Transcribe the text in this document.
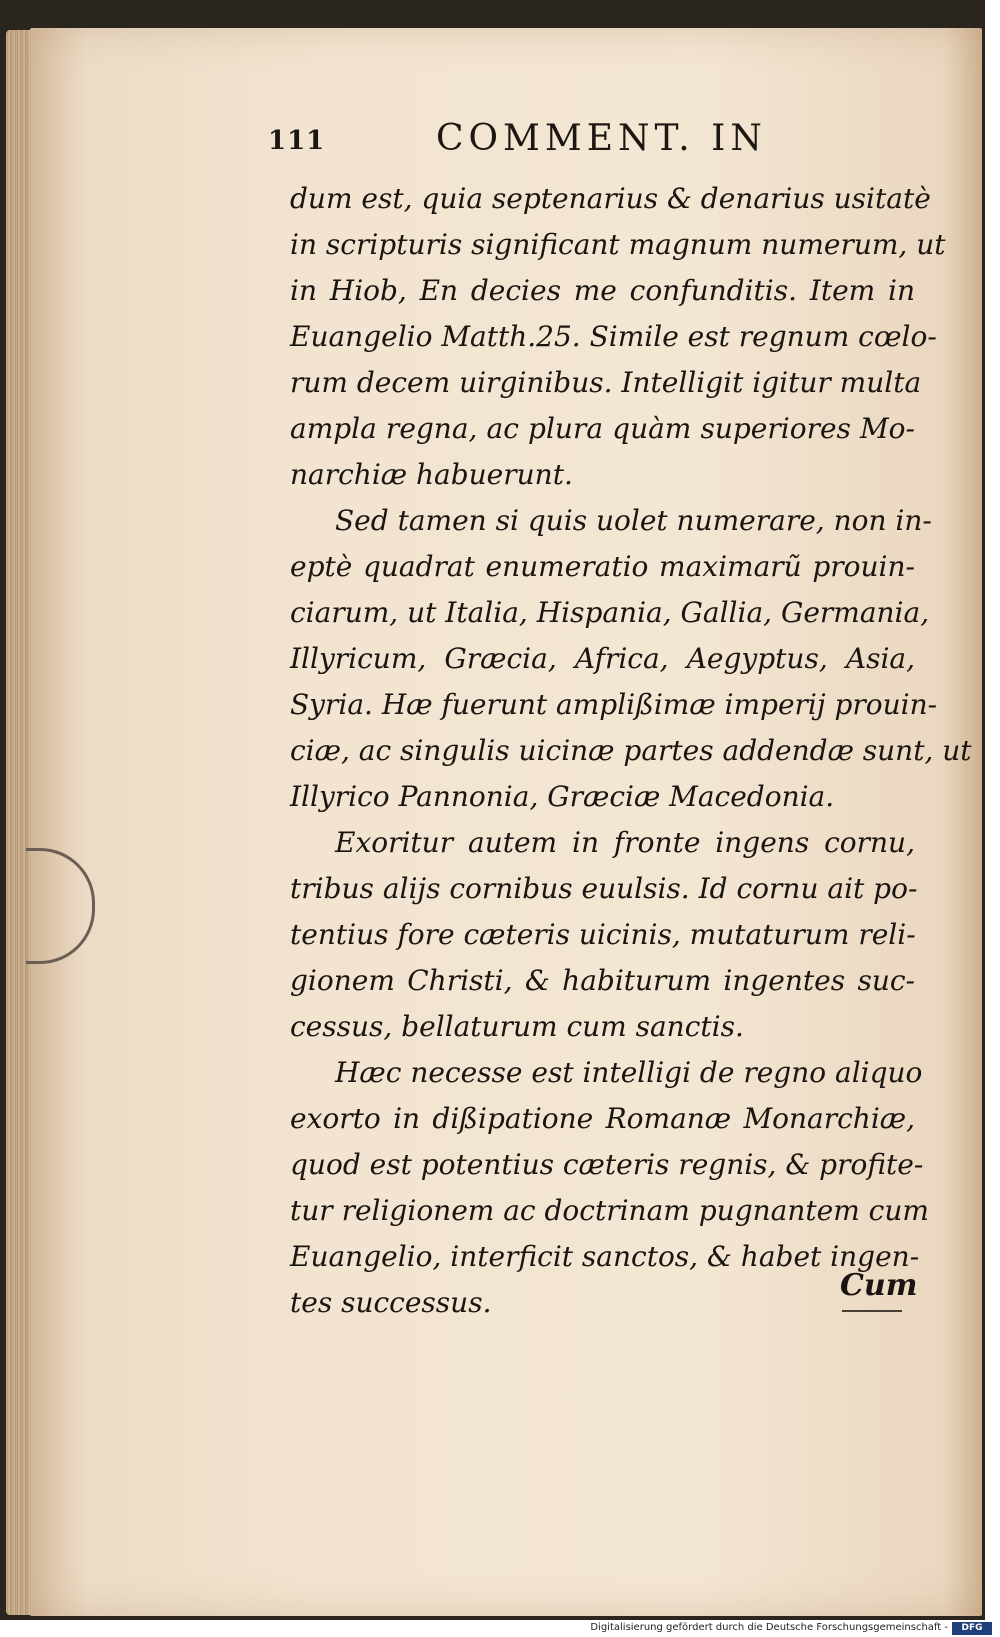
111	COMMENT. IN
dum est, quia septenarius & denarius usitatè
in scripturis significant magnum numerum, ut
in Hiob, En decies me confunditis. Item in
Euangelio Matth.25. Simile est regnum cœlo-
rum decem uirginibus. Intelligit igitur multa
ampla regna, ac plura quàm superiores Mo-
narchiæ habuerunt.
Sed tamen si quis uolet numerare, non in-
eptè quadrat enumeratio maximarũ prouin-
ciarum, ut Italia, Hispania, Gallia, Germania,
Illyricum, Græcia, Africa, Aegyptus, Asia,
Syria. Hæ fuerunt amplißimæ imperij prouin-
ciæ, ac singulis uicinæ partes addendæ sunt, ut
Illyrico Pannonia, Græciæ Macedonia.
Exoritur autem in fronte ingens cornu,
tribus alijs cornibus euulsis. Id cornu ait po-
tentius fore cæteris uicinis, mutaturum reli-
gionem Christi, & habiturum ingentes suc-
cessus, bellaturum cum sanctis.
Hæc necesse est intelligi de regno aliquo
exorto in dißipatione Romanæ Monarchiæ,
quod est potentius cæteris regnis, & profite-
tur religionem ac doctrinam pugnantem cum
Euangelio, interficit sanctos, & habet ingen-
tes successus.	Cum
Digitalisierung gefördert durch die Deutsche Forschungsgemeinschaft -	DFG
